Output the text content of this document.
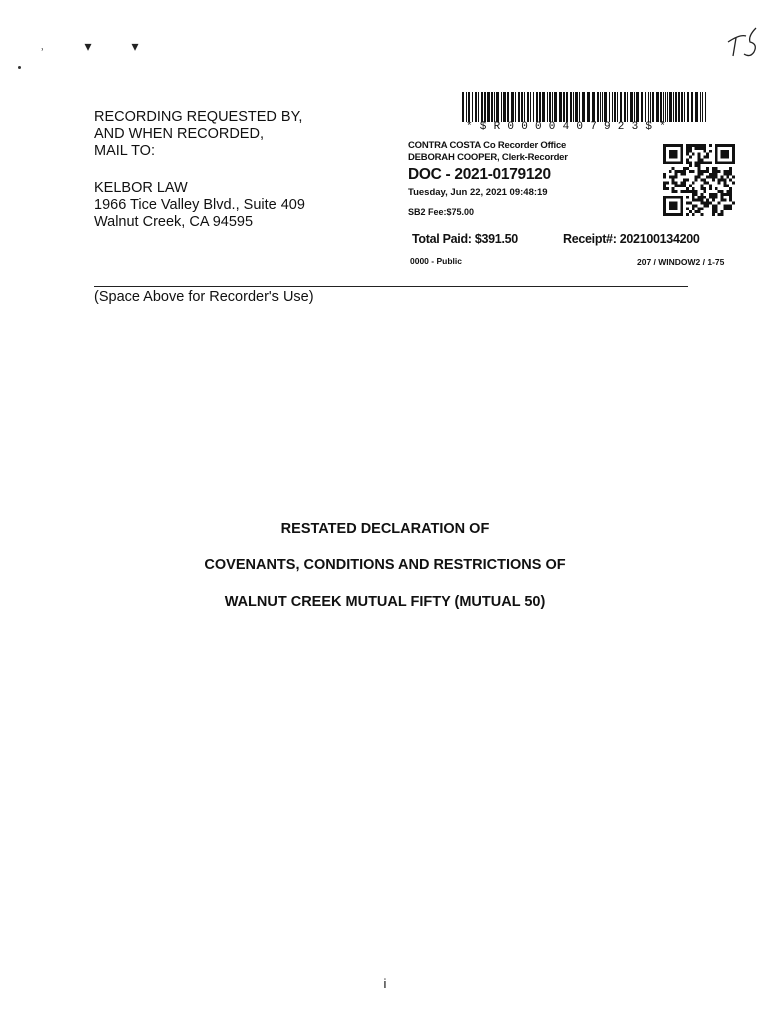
˒ ▾ ▾
RECORDING REQUESTED BY,
AND WHEN RECORDED,
MAIL TO:
KELBOR LAW
1966 Tice Valley Blvd., Suite 409
Walnut Creek, CA 94595
*$R0000407923$*
CONTRA COSTA Co Recorder Office
DEBORAH COOPER, Clerk-Recorder
DOC - 2021-0179120
Tuesday, Jun 22, 2021 09:48:19
SB2 Fee:$75.00
Total Paid: $391.50	Receipt#: 202100134200
0000 - Public	207 / WINDOW2 / 1-75
(Space Above for Recorder's Use)
RESTATED DECLARATION OF
COVENANTS, CONDITIONS AND RESTRICTIONS OF
WALNUT CREEK MUTUAL FIFTY (MUTUAL 50)
i
